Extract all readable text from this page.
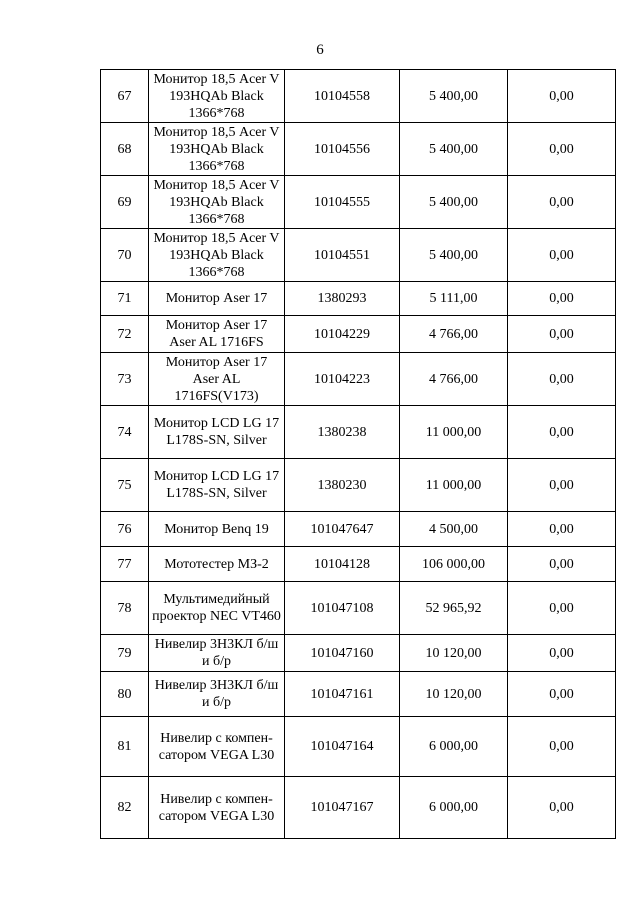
6
67	Монитор 18,5 Acer V 193HQAb Black 1366*768	10104558	5 400,00	0,00
68	Монитор 18,5 Acer V 193HQAb Black 1366*768	10104556	5 400,00	0,00
69	Монитор 18,5 Acer V 193HQAb Black 1366*768	10104555	5 400,00	0,00
70	Монитор 18,5 Acer V 193HQAb Black 1366*768	10104551	5 400,00	0,00
71	Монитор Aser 17	1380293	5 111,00	0,00
72	Монитор Aser 17 Aser AL 1716FS	10104229	4 766,00	0,00
73	Монитор Aser 17 Aser AL 1716FS(V173)	10104223	4 766,00	0,00
74	Монитор LCD LG 17 L178S-SN, Silver	1380238	11 000,00	0,00
75	Монитор LCD LG 17 L178S-SN, Silver	1380230	11 000,00	0,00
76	Монитор Benq 19	101047647	4 500,00	0,00
77	Мототестер МЗ-2	10104128	106 000,00	0,00
78	Мультимедийный проектор NEC VT460	101047108	52 965,92	0,00
79	Нивелир 3Н3КЛ б/ш и б/р	101047160	10 120,00	0,00
80	Нивелир 3Н3КЛ б/ш и б/р	101047161	10 120,00	0,00
81	Нивелир с компен-сатором VEGA L30	101047164	6 000,00	0,00
82	Нивелир с компен-сатором VEGA L30	101047167	6 000,00	0,00
